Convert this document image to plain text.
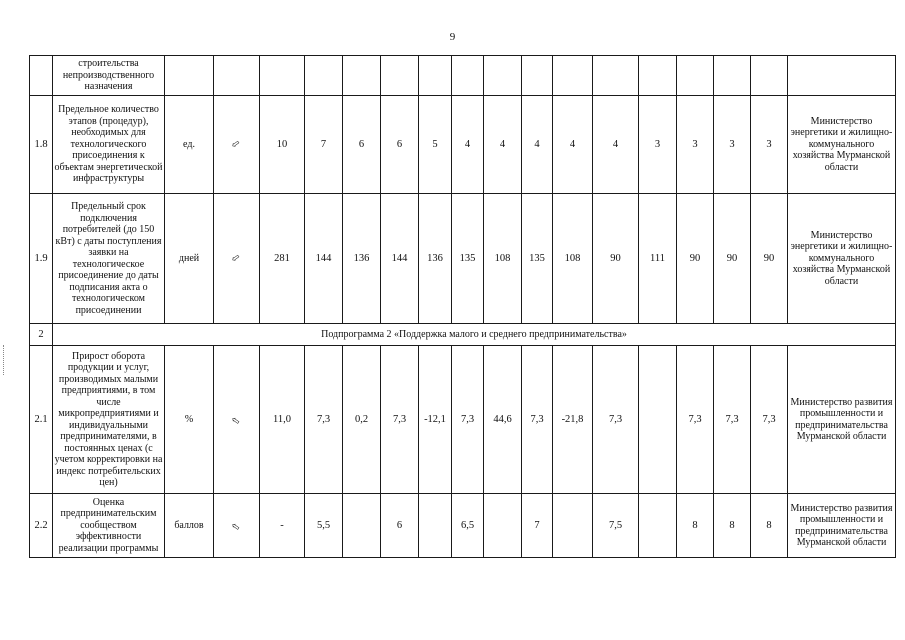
9
	строительства непроизводственного назначения																	
1.8	Предельное количество этапов (процедур), необходимых для технологического присоединения к объектам энергетической инфраструктуры	ед.	⇦	10	7	6	6	5	4	4	4	4	4	3	3	3	3	Министерство энергетики и жилищно-коммунального хозяйства Мурманской области
1.9	Предельный срок подключения потребителей (до 150 кВт) с даты поступления заявки на технологическое присоединение до даты подписания акта о технологическом присоединении	дней	⇦	281	144	136	144	136	135	108	135	108	90	111	90	90	90	Министерство энергетики и жилищно-коммунального хозяйства Мурманской области
2	Подпрограмма 2 «Поддержка малого и среднего предпринимательства»																	
2.1	Прирост оборота продукции и услуг, производимых малыми предприятиями, в том числе микропредприятиями и индивидуальными предпринимателями, в постоянных ценах (с учетом корректировки на индекс потребительских цен)	%	⇨	11,0	7,3	0,2	7,3	-12,1	7,3	44,6	7,3	-21,8	7,3		7,3	7,3	7,3	Министерство развития промышленности и предпринимательства Мурманской области
2.2	Оценка предпринимательским сообществом эффективности реализации программы	баллов	⇨	-	5,5		6		6,5		7		7,5		8	8	8	Министерство развития промышленности и предпринимательства Мурманской области
